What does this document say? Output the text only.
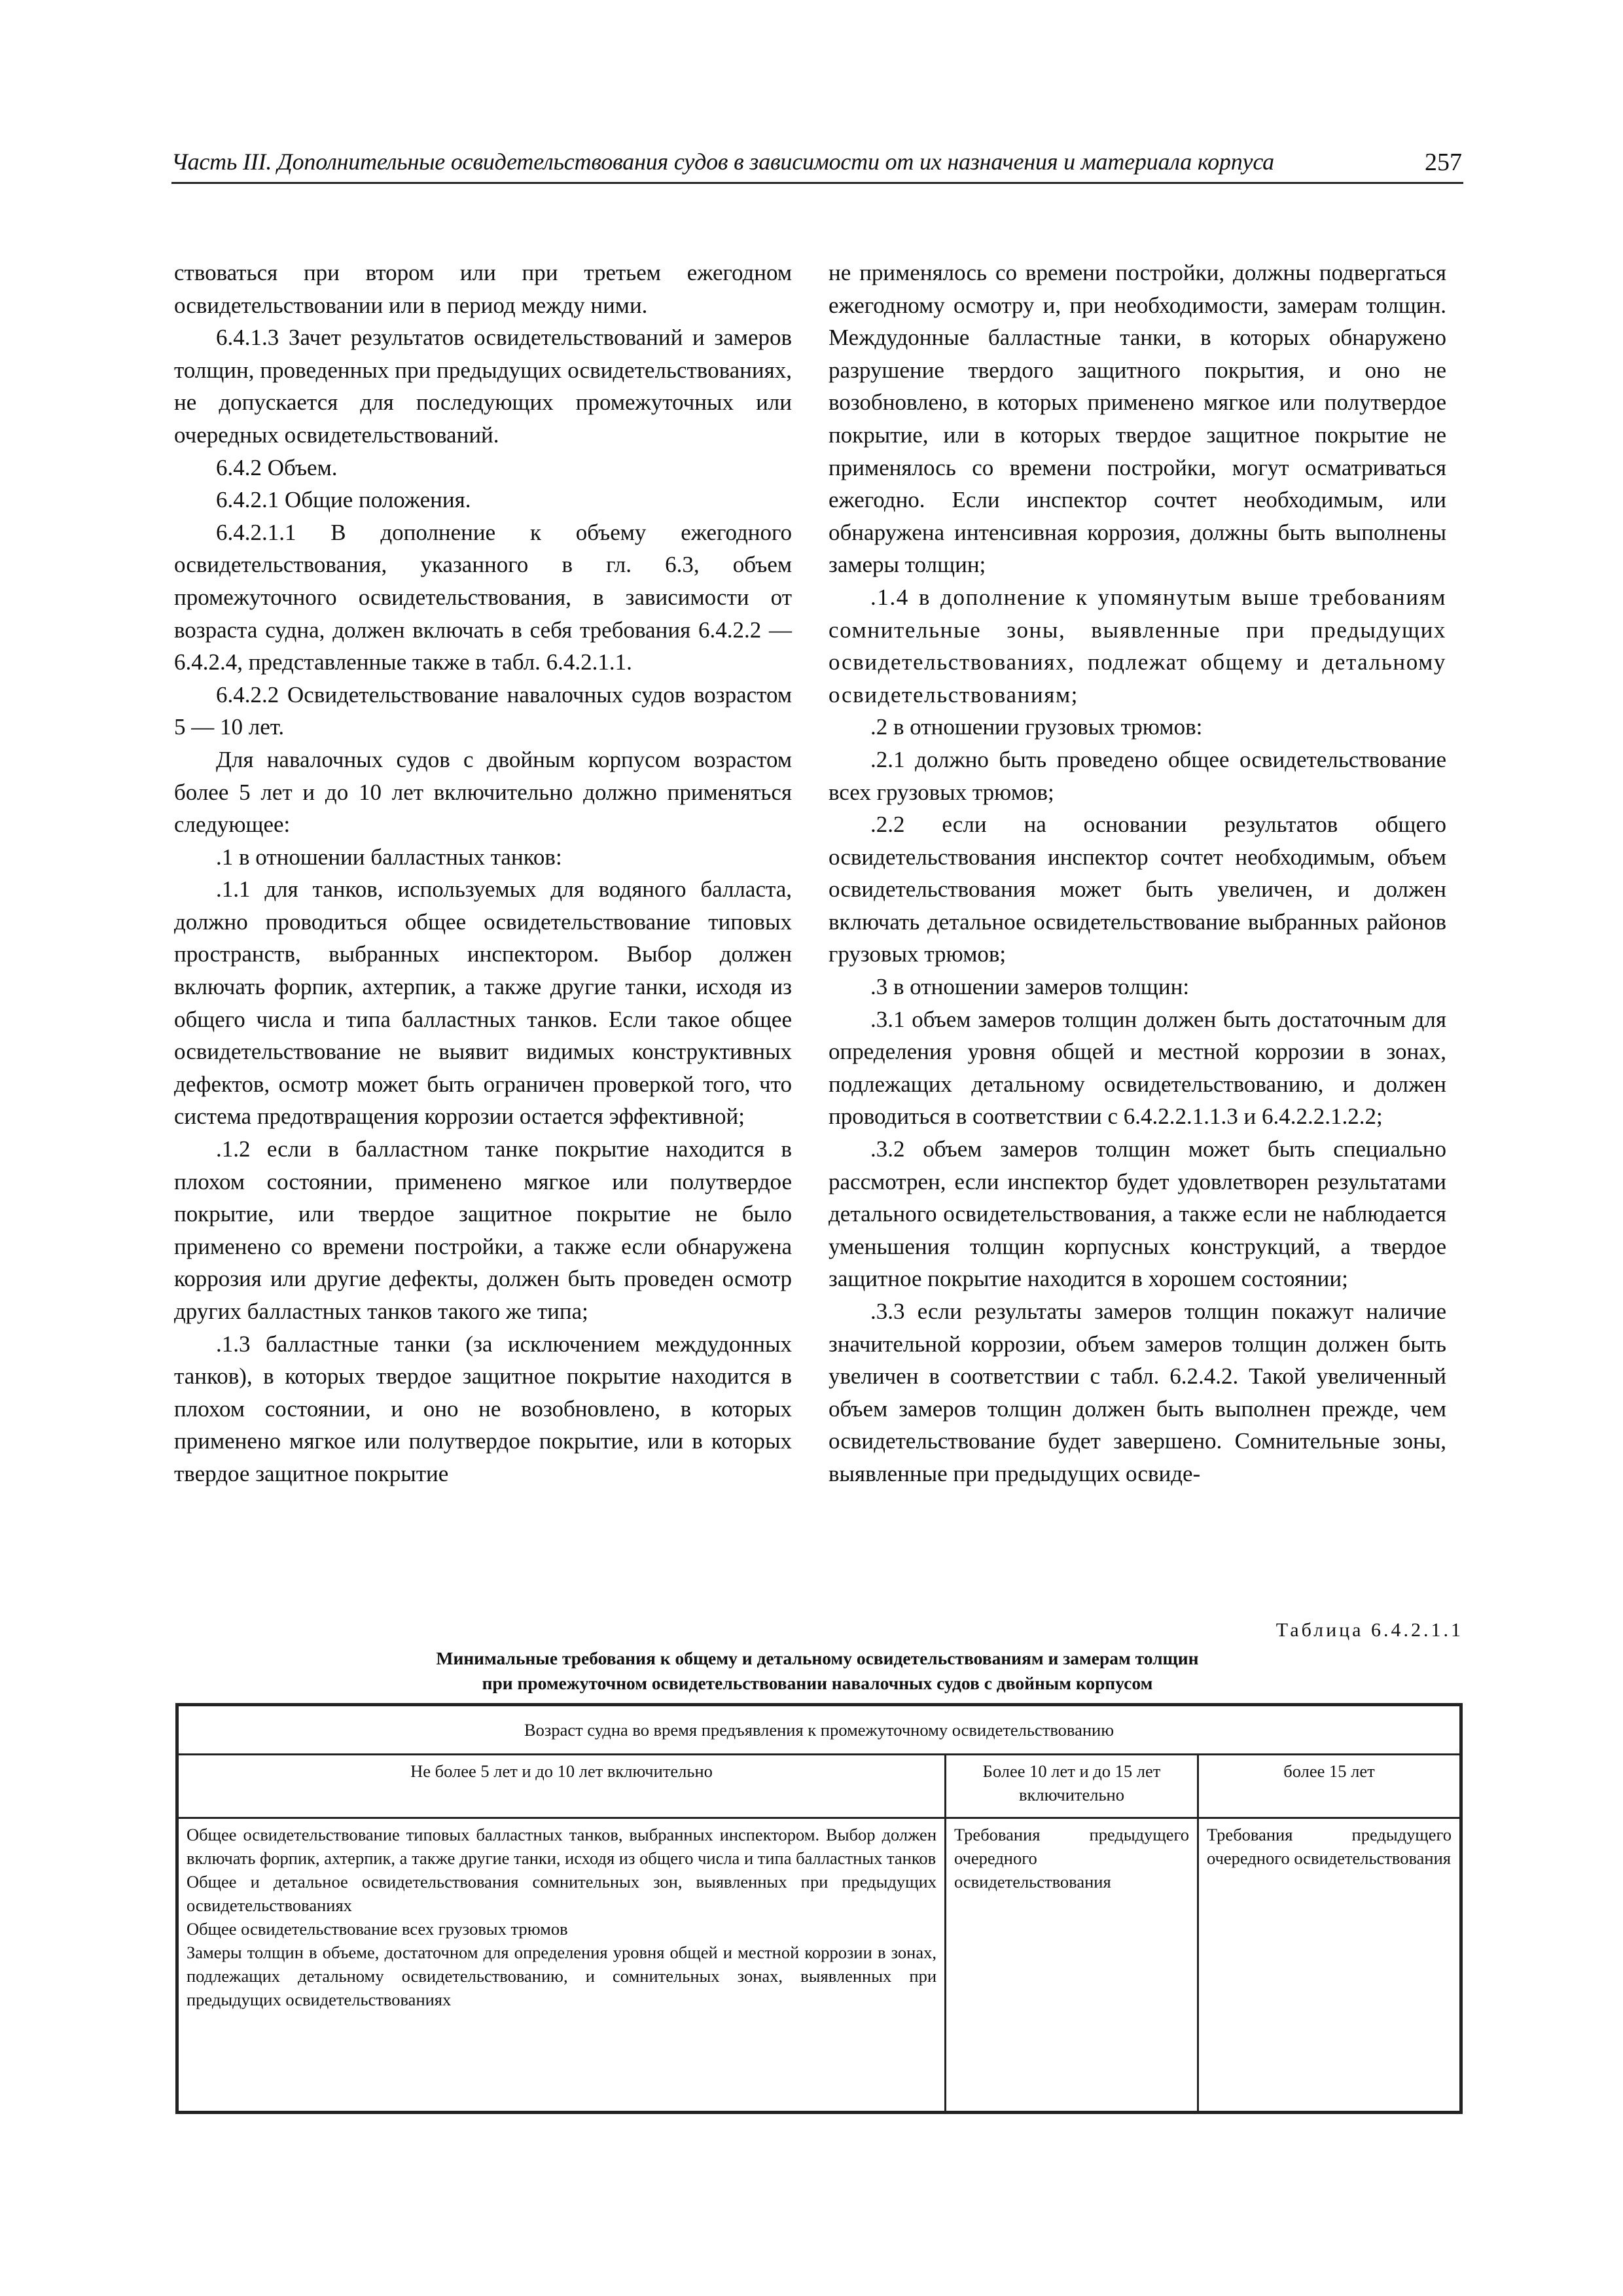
Часть III. Дополнительные освидетельствования судов в зависимости от их назначения и материала корпуса	257

ствоваться при втором или при третьем ежегодном освидетельствовании или в период между ними.

6.4.1.3 Зачет результатов освидетельствований и замеров толщин, проведенных при предыдущих освидетельствованиях, не допускается для последующих промежуточных или очередных освидетельствований.

6.4.2 Объем.

6.4.2.1 Общие положения.

6.4.2.1.1 В дополнение к объему ежегодного освидетельствования, указанного в гл. 6.3, объем промежуточного освидетельствования, в зависимости от возраста судна, должен включать в себя требования 6.4.2.2 — 6.4.2.4, представленные также в табл. 6.4.2.1.1.

6.4.2.2 Освидетельствование навалочных судов возрастом 5 — 10 лет.

Для навалочных судов с двойным корпусом возрастом более 5 лет и до 10 лет включительно должно применяться следующее:

.1 в отношении балластных танков:

.1.1 для танков, используемых для водяного балласта, должно проводиться общее освидетельствование типовых пространств, выбранных инспектором. Выбор должен включать форпик, ахтерпик, а также другие танки, исходя из общего числа и типа балластных танков. Если такое общее освидетельствование не выявит видимых конструктивных дефектов, осмотр может быть ограничен проверкой того, что система предотвращения коррозии остается эффективной;

.1.2 если в балластном танке покрытие находится в плохом состоянии, применено мягкое или полутвердое покрытие, или твердое защитное покрытие не было применено со времени постройки, а также если обнаружена коррозия или другие дефекты, должен быть проведен осмотр других балластных танков такого же типа;

.1.3 балластные танки (за исключением междудонных танков), в которых твердое защитное покрытие находится в плохом состоянии, и оно не возобновлено, в которых применено мягкое или полутвердое покрытие, или в которых твердое защитное покрытие

не применялось со времени постройки, должны подвергаться ежегодному осмотру и, при необходимости, замерам толщин. Междудонные балластные танки, в которых обнаружено разрушение твердого защитного покрытия, и оно не возобновлено, в которых применено мягкое или полутвердое покрытие, или в которых твердое защитное покрытие не применялось со времени постройки, могут осматриваться ежегодно. Если инспектор сочтет необходимым, или обнаружена интенсивная коррозия, должны быть выполнены замеры толщин;

.1.4 в дополнение к упомянутым выше требованиям сомнительные зоны, выявленные при предыдущих освидетельствованиях, подлежат общему и детальному освидетельствованиям;

.2 в отношении грузовых трюмов:

.2.1 должно быть проведено общее освидетельствование всех грузовых трюмов;

.2.2 если на основании результатов общего освидетельствования инспектор сочтет необходимым, объем освидетельствования может быть увеличен, и должен включать детальное освидетельствование выбранных районов грузовых трюмов;

.3 в отношении замеров толщин:

.3.1 объем замеров толщин должен быть достаточным для определения уровня общей и местной коррозии в зонах, подлежащих детальному освидетельствованию, и должен проводиться в соответствии с 6.4.2.2.1.1.3 и 6.4.2.2.1.2.2;

.3.2 объем замеров толщин может быть специально рассмотрен, если инспектор будет удовлетворен результатами детального освидетельствования, а также если не наблюдается уменьшения толщин корпусных конструкций, а твердое защитное покрытие находится в хорошем состоянии;

.3.3 если результаты замеров толщин покажут наличие значительной коррозии, объем замеров толщин должен быть увеличен в соответствии с табл. 6.2.4.2. Такой увеличенный объем замеров толщин должен быть выполнен прежде, чем освидетельствование будет завершено. Сомнительные зоны, выявленные при предыдущих освиде-

Таблица 6.4.2.1.1
Минимальные требования к общему и детальному освидетельствованиям и замерам толщин
при промежуточном освидетельствовании навалочных судов с двойным корпусом
Возраст судна во время предъявления к промежуточному освидетельствованию		
Не более 5 лет и до 10 лет включительно	Более 10 лет и до 15 лет включительно	более 15 лет

Общее освидетельствование типовых балластных танков, выбранных инспектором. Выбор должен включать форпик, ахтерпик, а также другие танки, исходя из общего числа и типа балластных танков
Общее и детальное освидетельствования сомнительных зон, выявленных при предыдущих освидетельствованиях
Общее освидетельствование всех грузовых трюмов
Замеры толщин в объеме, достаточном для определения уровня общей и местной коррозии в зонах, подлежащих детальному освидетельствованию, и сомнительных зонах, выявленных при предыдущих освидетельствованиях	Требования предыдущего очередного освидетельствования	Требования предыдущего очередного освидетельствования
